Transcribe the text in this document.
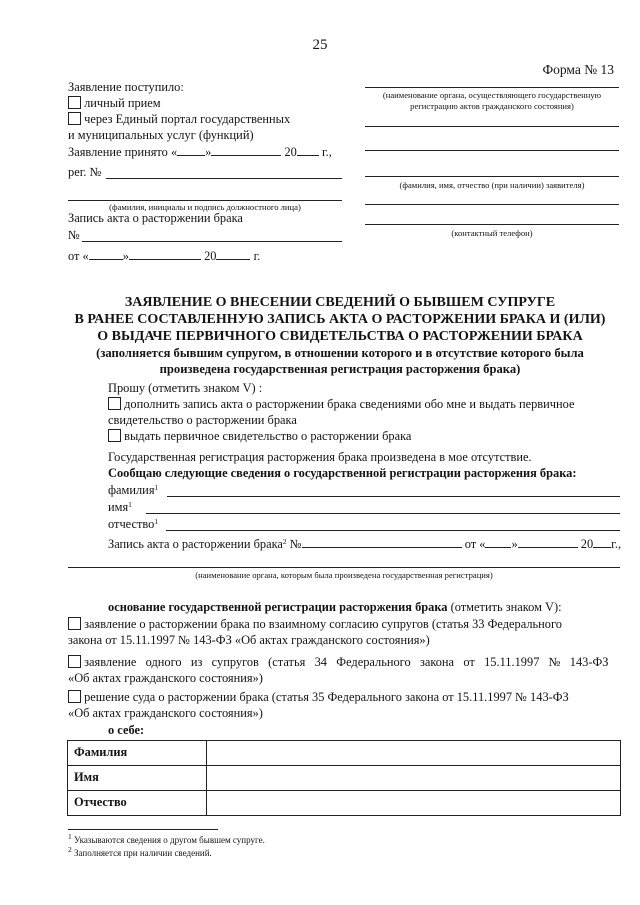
25
Форма № 13
Заявление поступило:
личный прием
через Единый портал государственных
и муниципальных услуг (функций)
Заявление принято « »	20 г.,
рег. №
(фамилия, инициалы и подпись должностного лица)
Запись акта о расторжении брака
№
от «	»	20	г.
(наименование органа, осуществляющего государственную
регистрацию актов гражданского состояния)
(фамилия, имя, отчество (при наличии) заявителя)
(контактный телефон)
ЗАЯВЛЕНИЕ О ВНЕСЕНИИ СВЕДЕНИЙ О БЫВШЕМ СУПРУГЕ
В РАНЕЕ СОСТАВЛЕННУЮ ЗАПИСЬ АКТА О РАСТОРЖЕНИИ БРАКА И (ИЛИ)
О ВЫДАЧЕ ПЕРВИЧНОГО СВИДЕТЕЛЬСТВА О РАСТОРЖЕНИИ БРАКА
(заполняется бывшим супругом, в отношении которого и в отсутствие которого была
произведена государственная регистрация расторжения брака)
Прошу (отметить знаком V) :
дополнить запись акта о расторжении брака сведениями обо мне и выдать первичное
свидетельство о расторжении брака
выдать первичное свидетельство о расторжении брака
Государственная регистрация расторжения брака произведена в мое отсутствие.
Сообщаю следующие сведения о государственной регистрации расторжения брака:
фамилия$^1$
имя$^1$
отчество$^1$
Запись акта о расторжении брака$^2$ №	от « »	20 г.,
(наименование органа, которым была произведена государственная регистрация)
основание государственной регистрации расторжения брака (отметить знаком V):
заявление о расторжении брака по взаимному согласию супругов (статья 33 Федерального
закона от 15.11.1997 № 143-ФЗ «Об актах гражданского состояния»)
заявление   одного   из   супругов   (статья   34   Федерального   закона   от   15.11.1997   №   143-ФЗ
«Об актах гражданского состояния»)
решение суда о расторжении брака (статья 35 Федерального закона от 15.11.1997 № 143-ФЗ
«Об актах гражданского состояния»)
о себе:
Фамилия	
Имя	
Отчество	
$^1$ Указываются сведения о другом бывшем супруге.
$^2$ Заполняется при наличии сведений.
